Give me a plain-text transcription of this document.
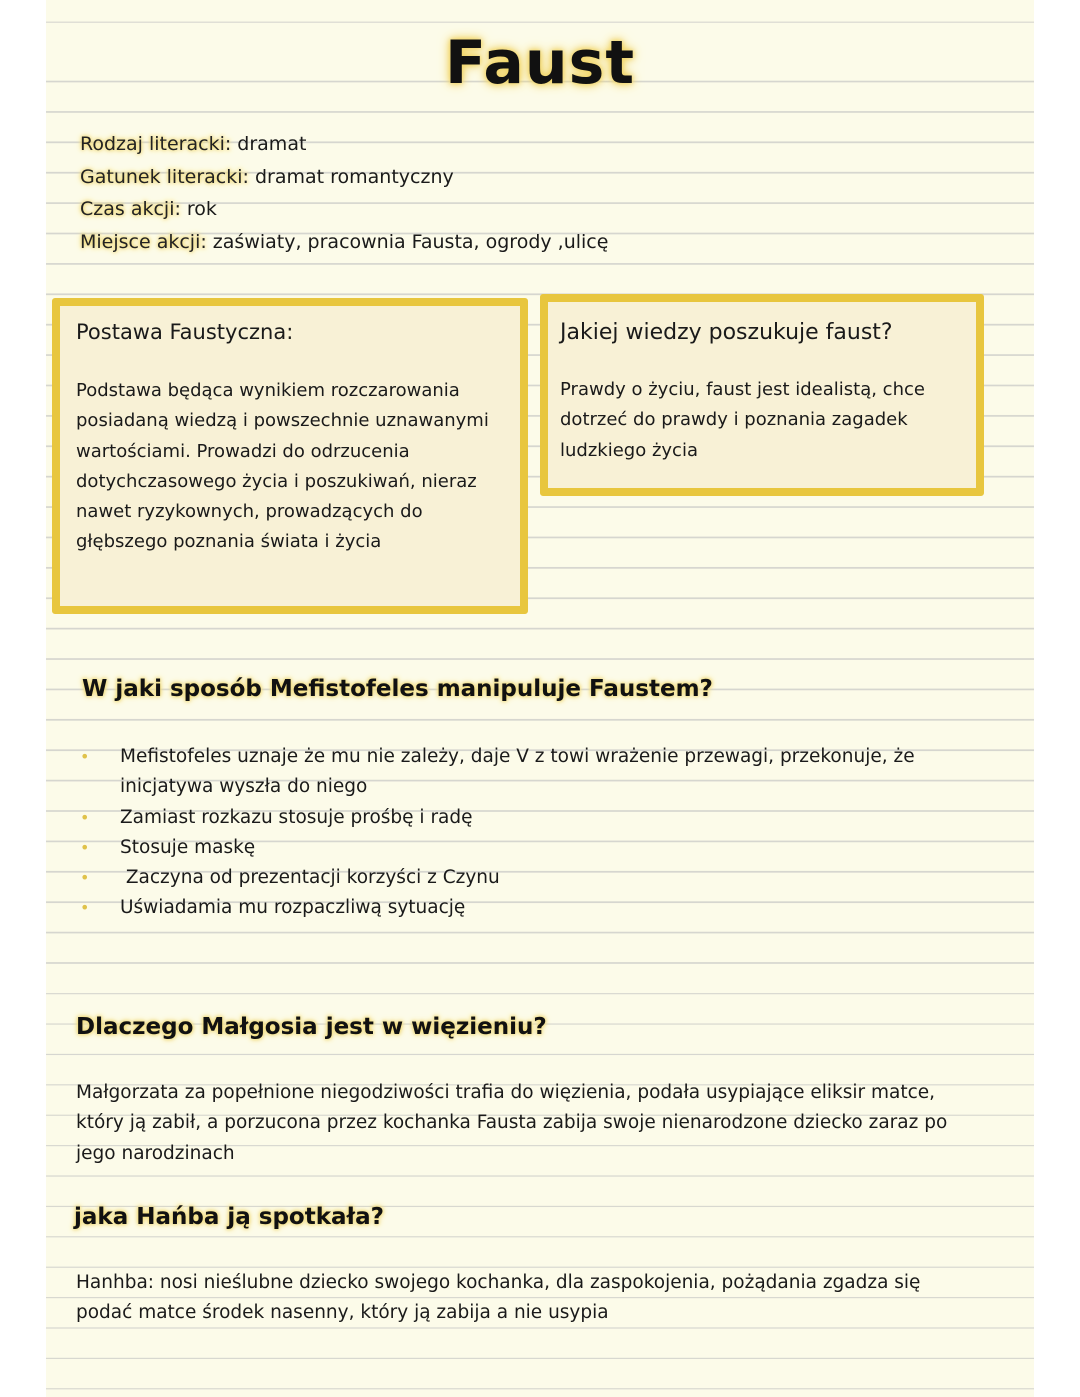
Faust
Rodzaj literacki: dramat
Gatunek literacki: dramat romantyczny
Czas akcji: rok
Miejsce akcji: zaświaty, pracownia Fausta, ogrody ,ulicę
Postawa Faustyczna:
Podstawa będąca wynikiem rozczarowania posiadaną wiedzą i powszechnie uznawanymi wartościami. Prowadzi do odrzucenia dotychczasowego życia i poszukiwań, nieraz nawet ryzykownych, prowadzących do głębszego poznania świata i życia
Jakiej wiedzy poszukuje faust?
Prawdy o życiu, faust jest idealistą, chce dotrzeć do prawdy i poznania zagadek ludzkiego życia
W jaki sposób Mefistofeles manipuluje Faustem?
• Mefistofeles uznaje że mu nie zależy, daje V z towi wrażenie przewagi, przekonuje, że inicjatywa wyszła do niego
• Zamiast rozkazu stosuje prośbę i radę
• Stosuje maskę
•  Zaczyna od prezentacji korzyści z Czynu
• Uświadamia mu rozpaczliwą sytuację
Dlaczego Małgosia jest w więzieniu?
Małgorzata za popełnione niegodziwości trafia do więzienia, podała usypiające eliksir matce, który ją zabił, a porzucona przez kochanka Fausta zabija swoje nienarodzone dziecko zaraz po jego narodzinach
jaka Hańba ją spotkała?
Hanhba: nosi nieślubne dziecko swojego kochanka, dla zaspokojenia, pożądania zgadza się podać matce środek nasenny, który ją zabija a nie usypia
